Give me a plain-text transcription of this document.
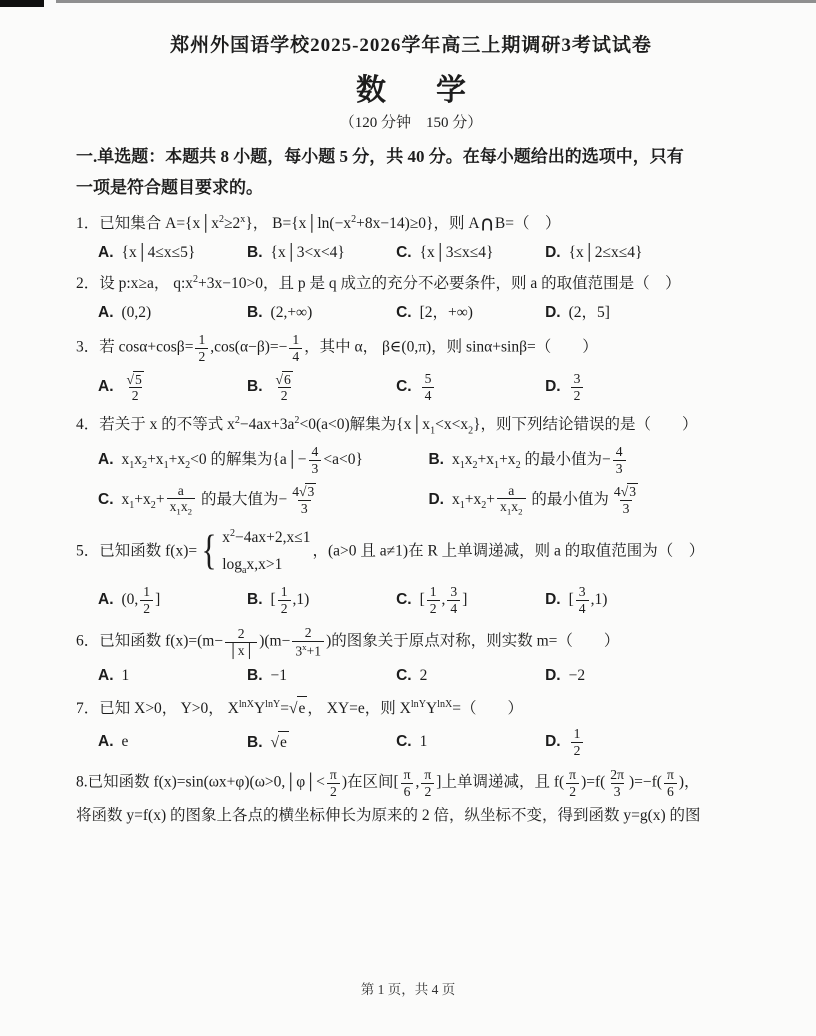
郑州外国语学校2025-2026学年高三上期调研3考试试卷
数　学
（120 分钟　150 分）
一.单选题：本题共 8 小题，每小题 5 分，共 40 分。在每小题给出的选项中，只有
一项是符合题目要求的。
1．已知集合 $A=\{x│x^2\ge 2^x\}$， $B=\{x│\ln(-x^2+8x-14)\ge 0\}$，则 A∩B=（　）
A. {x│4≤x≤5}	B. {x│3<x<4}	C. {x│3≤x≤4}	D. {x│2≤x≤4}
2．设 p:x≥a， $q:x^2+3x-10>0$，且 p 是 q 成立的充分不必要条件，则 a 的取值范围是（　）
A. (0,2)	B. (2,+∞)	C. [2，+∞)	D. (2，5]
3．若 $\cos\alpha+\cos\beta= \frac{1}{2} ,\cos(\alpha-\beta)=- \frac{1}{4}$ ，其中 α， β∈(0,π)，则 sinα+sinβ=（　　）
A. $\frac{√ 5}{2}$	B. $\frac{√ 6}{2}$	C. $\frac{5}{4}$	D. $\frac{3}{2}$
4．若关于 x 的不等式 $x^2-4ax+3a^2<0(a<0)$解集为$\{x│x_1<x<x_2\}$，则下列结论错误的是（　　）
A. $x_1x_2+x_1+x_2<0$ 的解集为{a│− $\frac{4}{3} <a<0$}	B. $x_1x_2+x_1+x_2$ 的最小值为− $\frac{4}{3}$
C. $x_1+x_2+ \frac{a}{x_1x_2}$ 的最大值为− $\frac{4√ 3}{3}$	D. $x_1+x_2+ \frac{a}{x_1x_2}$ 的最小值为 $\frac{4√ 3}{3}$
5．已知函数 f(x)= { $x^2-4ax+2,x\le 1$
$\log_ax,x>1$
，(a>0 且 a≠1)在 R 上单调递减，则 a 的取值范围为（　）
A. (0, $\frac{1}{2}$ ]	B. [ $\frac{1}{2} ,1$)	C. [ $\frac{1}{2}$ , $\frac{3}{4}$ ]	D. [ $\frac{3}{4} ,1$)
6．已知函数 $f(x)=(m- \frac{2}{│x│} )(m- \frac{2}{3^x+1}$ )的图象关于原点对称，则实数 m=（　　）
A. 1	B. −1	C. 2	D. −2
7．已知 X>0， Y>0， $X^{lnX}Y^{lnY}=√$ e ， XY=e，则 $X^{lnY}Y^{lnX}=$（　　）
A. e	B. √ e	C. 1	D. $\frac{1}{2}$
8.已知函数 f(x)=sin(ωx+φ)(ω>0,│φ│< $\frac{\pi}{2}$ )在区间[ $\frac{\pi}{6}$ , $\frac{\pi}{2}$ ]上单调递减，且 $f( \frac{\pi}{2} )=f( \frac{2\pi}{3} )=-f( \frac{\pi}{6}$ )，
将函数 y=f(x) 的图象上各点的横坐标伸长为原来的 2 倍，纵坐标不变，得到函数 y=g(x) 的图
第 1 页，共 4 页
